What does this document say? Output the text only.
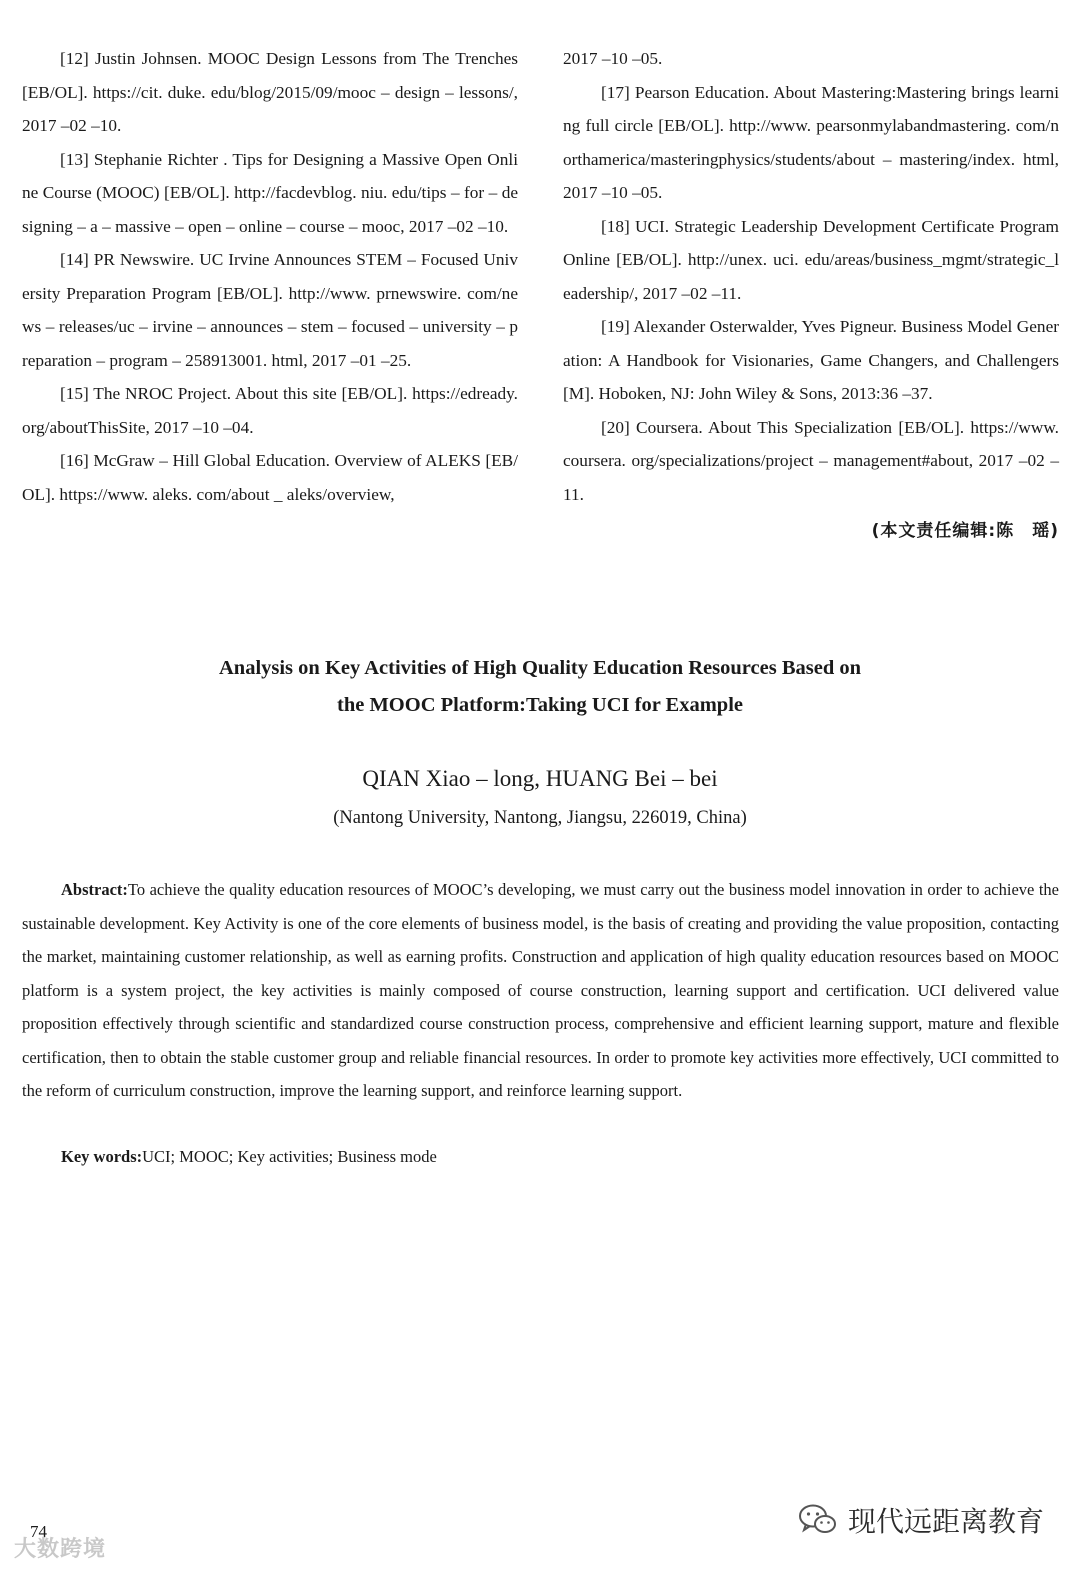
[12] Justin Johnsen. MOOC Design Lessons from The Trenches [EB/OL]. https://cit. duke. edu/blog/2015/09/mooc – design – lessons/, 2017 –02 –10.

[13] Stephanie Richter . Tips for Designing a Massive Open Online Course (MOOC) [EB/OL]. http://facdevblog. niu. edu/tips – for – designing – a – massive – open – online – course – mooc, 2017 –02 –10.

[14] PR Newswire. UC Irvine Announces STEM – Focused University Preparation Program [EB/OL]. http://www. prnewswire. com/news – releases/uc – irvine – announces – stem – focused – university – preparation – program – 258913001. html, 2017 –01 –25.

[15] The NROC Project. About this site [EB/OL]. https://edready. org/aboutThisSite, 2017 –10 –04.

[16] McGraw – Hill Global Education. Overview of ALEKS [EB/OL]. https://www. aleks. com/about _ aleks/overview,

2017 –10 –05.

[17] Pearson Education. About Mastering:Mastering brings learning full circle [EB/OL]. http://www. pearsonmylabandmastering. com/northamerica/masteringphysics/students/about – mastering/index. html, 2017 –10 –05.

[18] UCI. Strategic Leadership Development Certificate Program Online [EB/OL]. http://unex. uci. edu/areas/business_mgmt/strategic_leadership/, 2017 –02 –11.

[19] Alexander Osterwalder, Yves Pigneur. Business Model Generation: A Handbook for Visionaries, Game Changers, and Challengers [M]. Hoboken, NJ: John Wiley & Sons, 2013:36 –37.

[20] Coursera. About This Specialization [EB/OL]. https://www. coursera. org/specializations/project – management#about, 2017 –02 –11.

(本文责任编辑:陈　瑶)
Analysis on Key Activities of High Quality Education Resources Based on
the MOOC Platform:Taking UCI for Example
QIAN Xiao – long, HUANG Bei – bei
(Nantong University, Nantong, Jiangsu, 226019, China)

Abstract:To achieve the quality education resources of MOOC’s developing, we must carry out the business model innovation in order to achieve the sustainable development. Key Activity is one of the core elements of business model, is the basis of creating and providing the value proposition, contacting the market, maintaining customer relationship, as well as earning profits. Construction and application of high quality education resources based on MOOC platform is a system project, the key activities is mainly composed of course construction, learning support and certification. UCI delivered value proposition effectively through scientific and standardized course construction process, comprehensive and efficient learning support, mature and flexible certification, then to obtain the stable customer group and reliable financial resources. In order to promote key activities more effectively, UCI committed to the reform of curriculum construction, improve the learning support, and reinforce learning support.

Key words:UCI; MOOC; Key activities; Business mode

74
大数跨境
现代远距离教育
